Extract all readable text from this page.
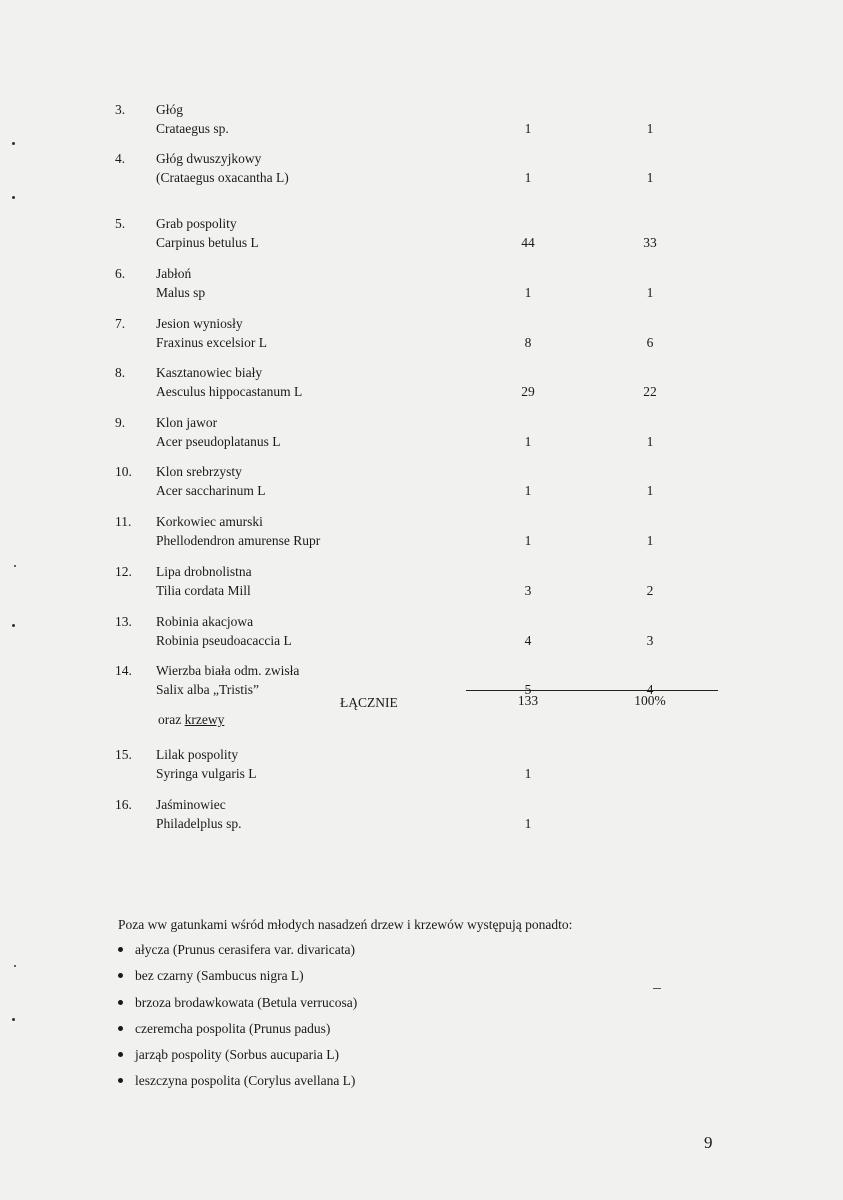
3. Głóg
Crataegus sp.	1	1
4. Głóg dwuszyjkowy
(Crataegus oxacantha L)	1	1
5. Grab pospolity
Carpinus betulus L	44	33
6. Jabłoń
Malus sp	1	1
7. Jesion wyniosły
Fraxinus excelsior L	8	6
8. Kasztanowiec biały
Aesculus hippocastanum L	29	22
9. Klon jawor
Acer pseudoplatanus L	1	1
10. Klon srebrzysty
Acer saccharinum L	1	1
11. Korkowiec amurski
Phellodendron amurense Rupr	1	1
12. Lipa drobnolistna
Tilia cordata Mill	3	2
13. Robinia akacjowa
Robinia pseudoacaccia L	4	3
14. Wierzba biała odm. zwisła
Salix alba „Tristis”	5	4
ŁĄCZNIE	133	100%
oraz krzewy
15. Lilak pospolity
Syringa vulgaris L	1
16. Jaśminowiec
Philadelplus sp.	1
Poza ww gatunkami wśród młodych nasadzeń drzew i krzewów występują ponadto:
ałycza (Prunus cerasifera var. divaricata)
bez czarny (Sambucus nigra L)
brzoza brodawkowata (Betula verrucosa)
czeremcha pospolita (Prunus padus)
jarząb pospolity (Sorbus aucuparia L)
leszczyna pospolita (Corylus avellana L)
9
